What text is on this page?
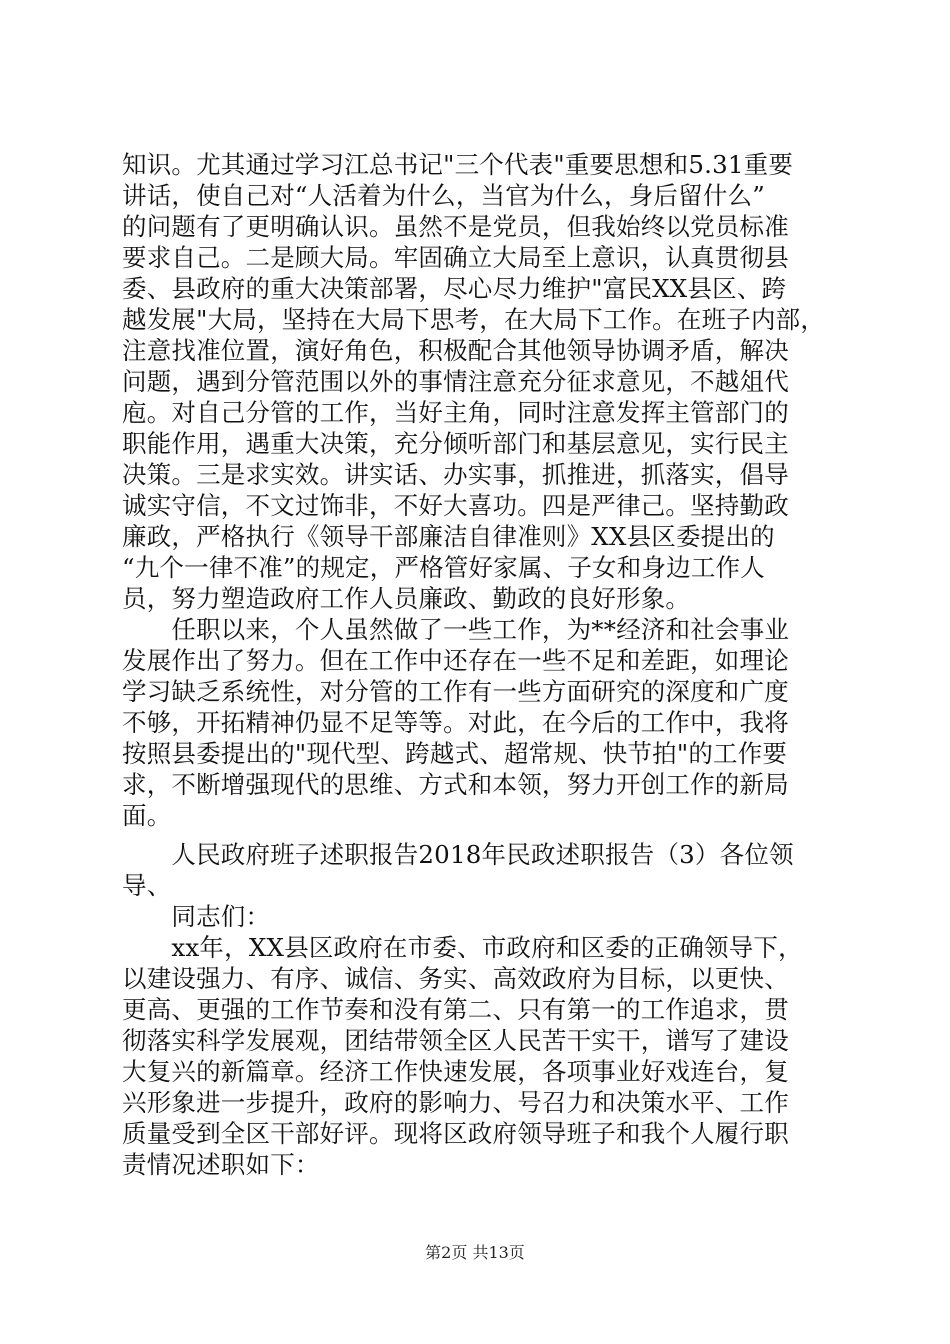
知识。尤其通过学习江总书记"三个代表"重要思想和5.31重要
讲话，使自己对“人活着为什么，当官为什么，身后留什么”
的问题有了更明确认识。虽然不是党员，但我始终以党员标准
要求自己。二是顾大局。牢固确立大局至上意识，认真贯彻县
委、县政府的重大决策部署，尽心尽力维护"富民XX县区、跨
越发展"大局，坚持在大局下思考，在大局下工作。在班子内部，
注意找准位置，演好角色，积极配合其他领导协调矛盾，解决
问题，遇到分管范围以外的事情注意充分征求意见，不越俎代
庖。对自己分管的工作，当好主角，同时注意发挥主管部门的
职能作用，遇重大决策，充分倾听部门和基层意见，实行民主
决策。三是求实效。讲实话、办实事，抓推进，抓落实，倡导
诚实守信，不文过饰非，不好大喜功。四是严律己。坚持勤政
廉政，严格执行《领导干部廉洁自律准则》XX县区委提出的
“九个一律不准”的规定，严格管好家属、子女和身边工作人
员，努力塑造政府工作人员廉政、勤政的良好形象。
　　任职以来，个人虽然做了一些工作，为**经济和社会事业
发展作出了努力。但在工作中还存在一些不足和差距，如理论
学习缺乏系统性，对分管的工作有一些方面研究的深度和广度
不够，开拓精神仍显不足等等。对此，在今后的工作中，我将
按照县委提出的"现代型、跨越式、超常规、快节拍"的工作要
求，不断增强现代的思维、方式和本领，努力开创工作的新局
面。
　　人民政府班子述职报告2018年民政述职报告（3）各位领
导、
　　同志们：
　　xx年，XX县区政府在市委、市政府和区委的正确领导下，
以建设强力、有序、诚信、务实、高效政府为目标，以更快、
更高、更强的工作节奏和没有第二、只有第一的工作追求，贯
彻落实科学发展观，团结带领全区人民苦干实干，谱写了建设
大复兴的新篇章。经济工作快速发展，各项事业好戏连台，复
兴形象进一步提升，政府的影响力、号召力和决策水平、工作
质量受到全区干部好评。现将区政府领导班子和我个人履行职
责情况述职如下：
第2页 共13页
